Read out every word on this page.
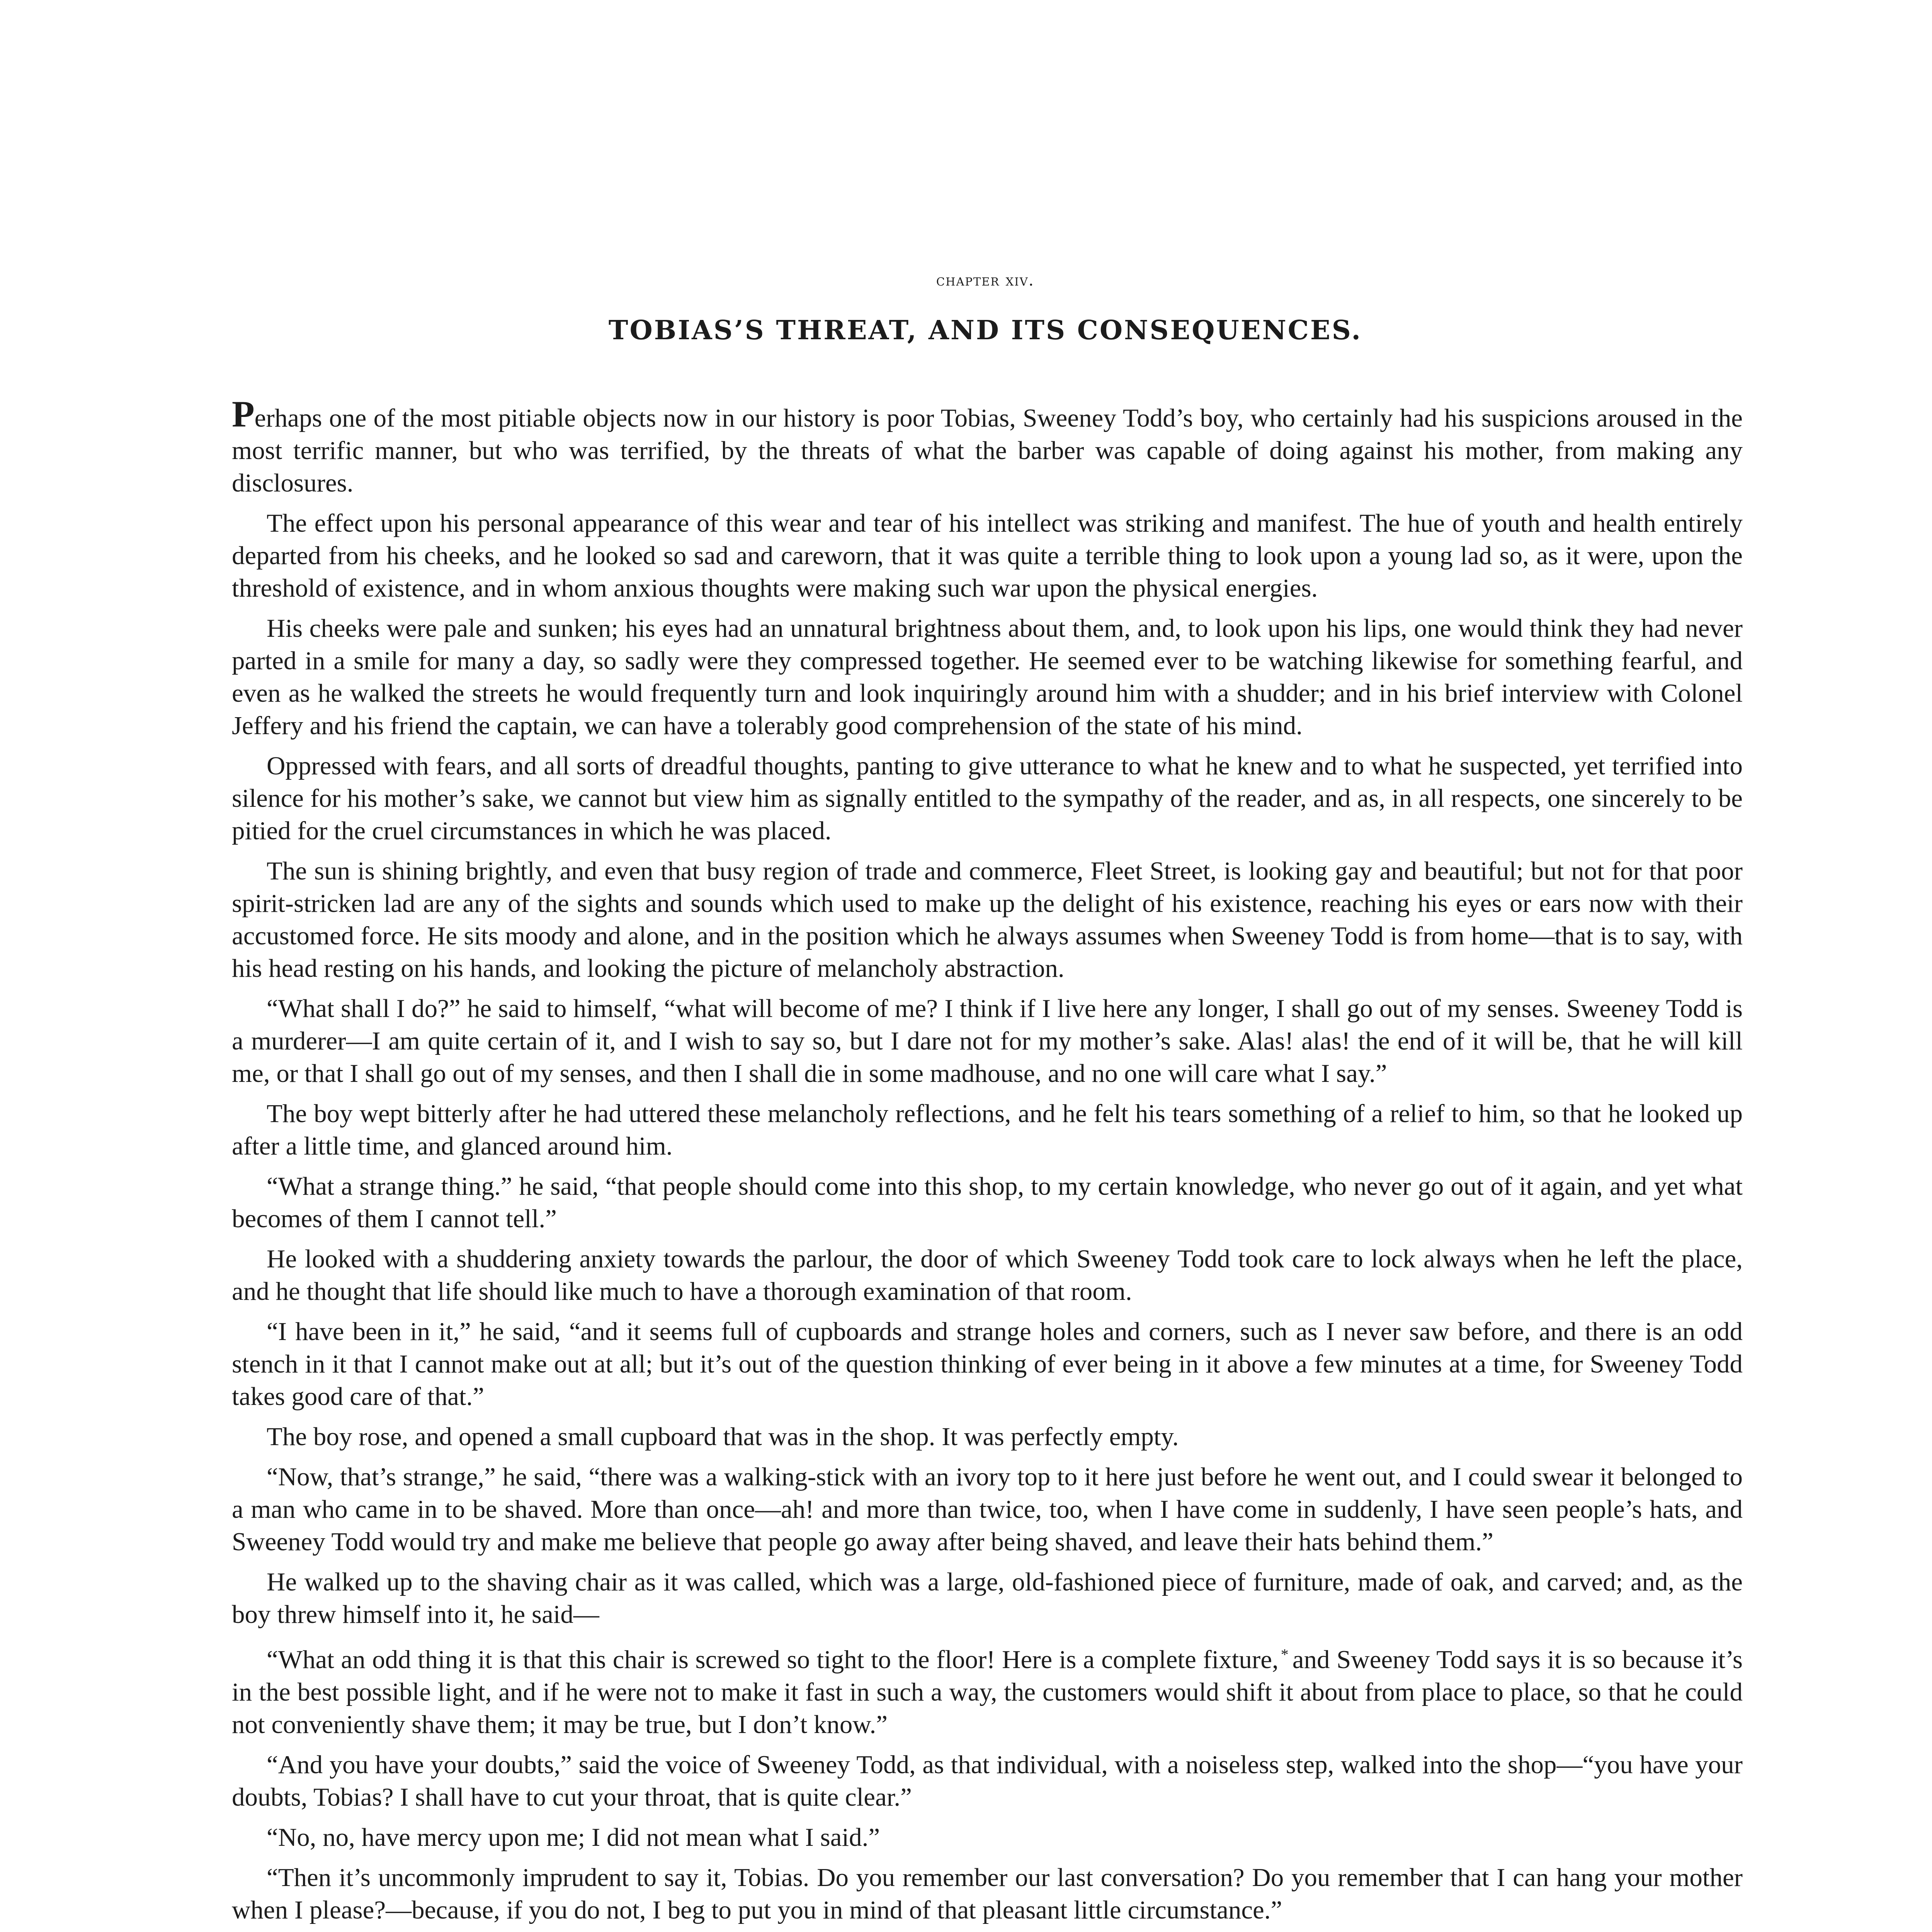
chapter xiv.
TOBIAS’S THREAT, AND ITS CONSEQUENCES.

Perhaps one of the most pitiable objects now in our history is poor Tobias, Sweeney Todd’s boy, who certainly had his suspicions aroused in the most terrific manner, but who was terrified, by the threats of what the barber was capable of doing against his mother, from making any disclosures.

The effect upon his personal appearance of this wear and tear of his intellect was striking and manifest. The hue of youth and health entirely departed from his cheeks, and he looked so sad and careworn, that it was quite a terrible thing to look upon a young lad so, as it were, upon the threshold of existence, and in whom anxious thoughts were making such war upon the physical energies.

His cheeks were pale and sunken; his eyes had an unnatural brightness about them, and, to look upon his lips, one would think they had never parted in a smile for many a day, so sadly were they compressed together. He seemed ever to be watching likewise for something fearful, and even as he walked the streets he would frequently turn and look inquiringly around him with a shudder; and in his brief interview with Colonel Jeffery and his friend the captain, we can have a tolerably good comprehension of the state of his mind.

Oppressed with fears, and all sorts of dreadful thoughts, panting to give utterance to what he knew and to what he suspected, yet terrified into silence for his mother’s sake, we cannot but view him as signally entitled to the sympathy of the reader, and as, in all respects, one sincerely to be pitied for the cruel circumstances in which he was placed.

The sun is shining brightly, and even that busy region of trade and commerce, Fleet Street, is looking gay and beautiful; but not for that poor spirit-stricken lad are any of the sights and sounds which used to make up the delight of his existence, reaching his eyes or ears now with their accustomed force. He sits moody and alone, and in the position which he always assumes when Sweeney Todd is from home—that is to say, with his head resting on his hands, and looking the picture of melancholy abstraction.

“What shall I do?” he said to himself, “what will become of me? I think if I live here any longer, I shall go out of my senses. Sweeney Todd is a murderer—I am quite certain of it, and I wish to say so, but I dare not for my mother’s sake. Alas! alas! the end of it will be, that he will kill me, or that I shall go out of my senses, and then I shall die in some madhouse, and no one will care what I say.”

The boy wept bitterly after he had uttered these melancholy reflections, and he felt his tears something of a relief to him, so that he looked up after a little time, and glanced around him.

“What a strange thing.” he said, “that people should come into this shop, to my certain knowledge, who never go out of it again, and yet what becomes of them I cannot tell.”

He looked with a shuddering anxiety towards the parlour, the door of which Sweeney Todd took care to lock always when he left the place, and he thought that life should like much to have a thorough examination of that room.

“I have been in it,” he said, “and it seems full of cupboards and strange holes and corners, such as I never saw before, and there is an odd stench in it that I cannot make out at all; but it’s out of the question thinking of ever being in it above a few minutes at a time, for Sweeney Todd takes good care of that.”

The boy rose, and opened a small cupboard that was in the shop. It was perfectly empty.

“Now, that’s strange,” he said, “there was a walking-stick with an ivory top to it here just before he went out, and I could swear it belonged to a man who came in to be shaved. More than once—ah! and more than twice, too, when I have come in suddenly, I have seen people’s hats, and Sweeney Todd would try and make me believe that people go away after being shaved, and leave their hats behind them.”

He walked up to the shaving chair as it was called, which was a large, old-fashioned piece of furniture, made of oak, and carved; and, as the boy threw himself into it, he said—

“What an odd thing it is that this chair is screwed so tight to the floor! Here is a complete fixture, * and Sweeney Todd says it is so because it’s in the best possible light, and if he were not to make it fast in such a way, the customers would shift it about from place to place, so that he could not conveniently shave them; it may be true, but I don’t know.”

“And you have your doubts,” said the voice of Sweeney Todd, as that individual, with a noiseless step, walked into the shop—“you have your doubts, Tobias? I shall have to cut your throat, that is quite clear.”

“No, no, have mercy upon me; I did not mean what I said.”

“Then it’s uncommonly imprudent to say it, Tobias. Do you remember our last conversation? Do you remember that I can hang your mother when I please?—because, if you do not, I beg to put you in mind of that pleasant little circumstance.”
